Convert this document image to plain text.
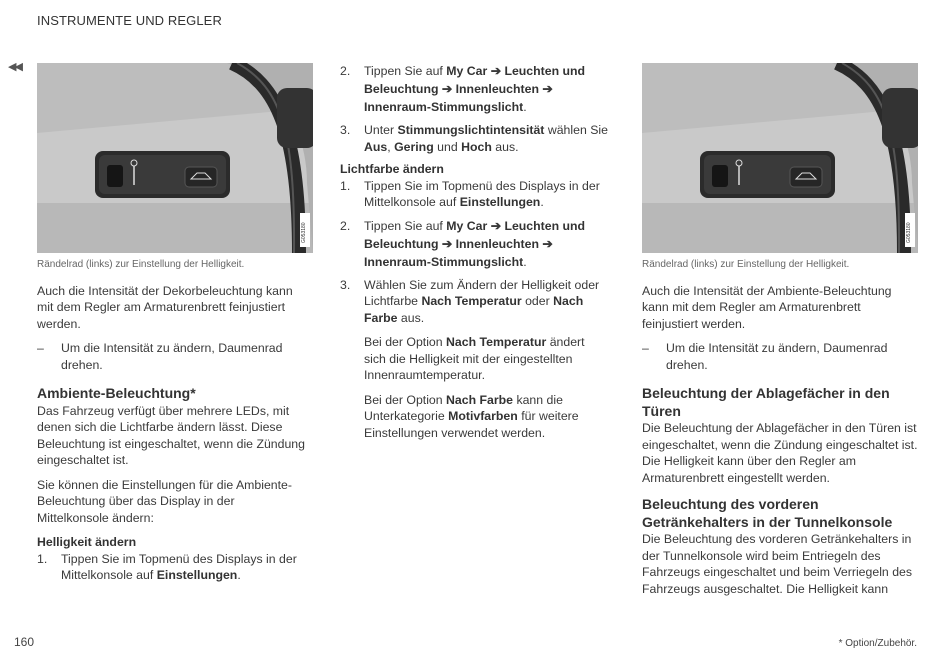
INSTRUMENTE UND REGLER
◀◀
G053180
Rändelrad (links) zur Einstellung der Helligkeit.

Auch die Intensität der Dekorbeleuchtung kann mit dem Regler am Armaturenbrett feinjustiert werden.

– Um die Intensität zu ändern, Daumenrad drehen.
Ambiente-Beleuchtung*

Das Fahrzeug verfügt über mehrere LEDs, mit denen sich die Lichtfarbe ändern lässt. Diese Beleuchtung ist eingeschaltet, wenn die Zündung eingeschaltet ist.

Sie können die Einstellungen für die Ambiente-Beleuchtung über das Display in der Mittelkonsole ändern:

Helligkeit ändern
1. Tippen Sie im Topmenü des Displays in der Mittelkonsole auf Einstellungen.
2. Tippen Sie auf My Car ➔ Leuchten und Beleuchtung ➔ Innenleuchten ➔ Innenraum-Stimmungslicht.
3. Unter Stimmungslichtintensität wählen Sie Aus, Gering und Hoch aus.
Lichtfarbe ändern
1. Tippen Sie im Topmenü des Displays in der Mittelkonsole auf Einstellungen.
2. Tippen Sie auf My Car ➔ Leuchten und Beleuchtung ➔ Innenleuchten ➔ Innenraum-Stimmungslicht.
3. Wählen Sie zum Ändern der Helligkeit oder Lichtfarbe Nach Temperatur oder Nach Farbe aus.

Bei der Option Nach Temperatur ändert sich die Helligkeit mit der eingestellten Innenraumtemperatur.

Bei der Option Nach Farbe kann die Unterkategorie Motivfarben für weitere Einstellungen verwendet werden.

G053180
Rändelrad (links) zur Einstellung der Helligkeit.

Auch die Intensität der Ambiente-Beleuchtung kann mit dem Regler am Armaturenbrett feinjustiert werden.

– Um die Intensität zu ändern, Daumenrad drehen.
Beleuchtung der Ablagefächer in den Türen

Die Beleuchtung der Ablagefächer in den Türen ist eingeschaltet, wenn die Zündung eingeschaltet ist. Die Helligkeit kann über den Regler am Armaturenbrett eingestellt werden.

Beleuchtung des vorderen Getränkehalters in der Tunnelkonsole

Die Beleuchtung des vorderen Getränkehalters in der Tunnelkonsole wird beim Entriegeln des Fahrzeugs eingeschaltet und beim Verriegeln des Fahrzeugs ausgeschaltet. Die Helligkeit kann

160	* Option/Zubehör.
